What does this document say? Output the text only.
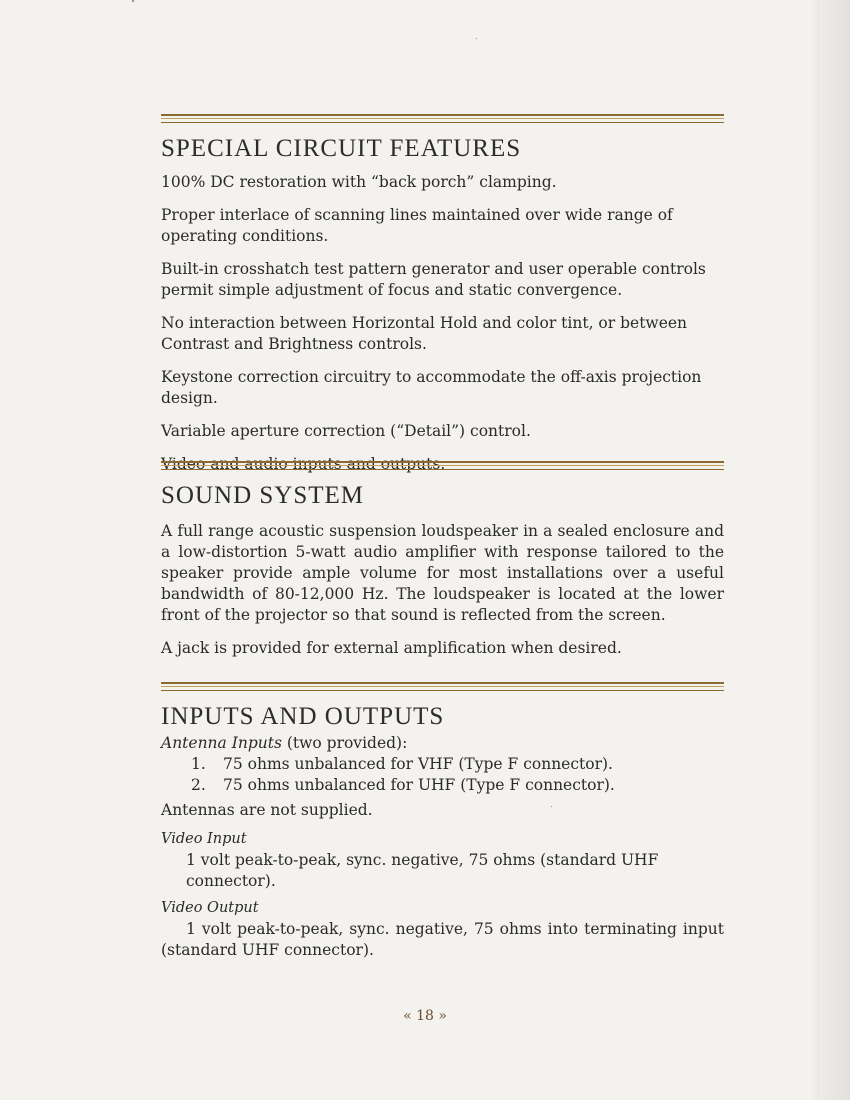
SPECIAL CIRCUIT FEATURES

100% DC restoration with “back porch” clamping.

Proper interlace of scanning lines maintained over wide range of operating conditions.

Built-in crosshatch test pattern generator and user operable controls permit simple adjustment of focus and static convergence.

No interaction between Horizontal Hold and color tint, or between Contrast and Brightness controls.

Keystone correction circuitry to accommodate the off-axis projection design.

Variable aperture correction (“Detail”) control.

Video and audio inputs and outputs.

SOUND SYSTEM

A full range acoustic suspension loudspeaker in a sealed enclosure and a low-distortion 5-watt audio amplifier with response tailored to the speaker provide ample volume for most installations over a useful bandwidth of 80-12,000 Hz. The loudspeaker is located at the lower front of the projector so that sound is reflected from the screen.

A jack is provided for external amplification when desired.

INPUTS AND OUTPUTS
Antenna Inputs (two provided):
1. 75 ohms unbalanced for VHF (Type F connector).
2. 75 ohms unbalanced for UHF (Type F connector).
Antennas are not supplied.
Video Input
1 volt peak-to-peak, sync. negative, 75 ohms (standard UHF connector).
Video Output
1 volt peak-to-peak, sync. negative, 75 ohms into terminating input (standard UHF connector).
« 18 »
